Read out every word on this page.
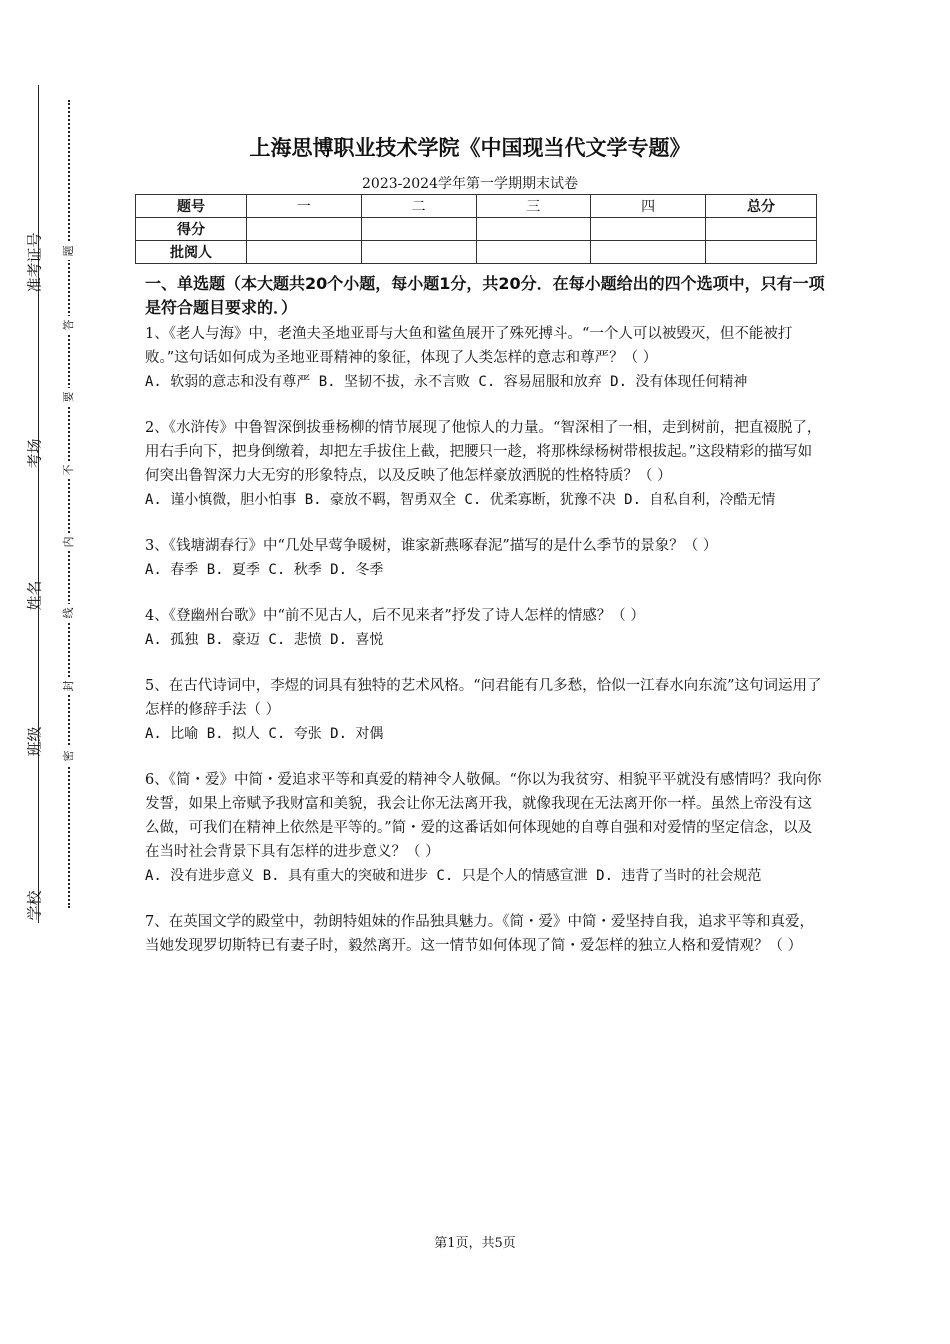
准考证号
考场
姓名
班级
学校
题
答
要
不
内
线
封
密
上海思博职业技术学院《中国现当代文学专题》
2023-2024学年第一学期期末试卷
题号	一	二	三	四	总分
得分					
批阅人					
一、单选题（本大题共20个小题，每小题1分，共20分．在每小题给出的四个选项中，只有一项是符合题目要求的．）

1、《老人与海》中，老渔夫圣地亚哥与大鱼和鲨鱼展开了殊死搏斗。“一个人可以被毁灭，但不能被打败。”这句话如何成为圣地亚哥精神的象征，体现了人类怎样的意志和尊严？（ ）

A. 软弱的意志和没有尊严 B. 坚韧不拔，永不言败 C. 容易屈服和放弃 D. 没有体现任何精神

2、《水浒传》中鲁智深倒拔垂杨柳的情节展现了他惊人的力量。“智深相了一相，走到树前，把直裰脱了，用右手向下，把身倒缴着，却把左手拔住上截，把腰只一趁，将那株绿杨树带根拔起。”这段精彩的描写如何突出鲁智深力大无穷的形象特点，以及反映了他怎样豪放洒脱的性格特质？（ ）

A. 谨小慎微，胆小怕事 B. 豪放不羁，智勇双全 C. 优柔寡断，犹豫不决 D. 自私自利，冷酷无情

3、《钱塘湖春行》中“几处早莺争暖树，谁家新燕啄春泥”描写的是什么季节的景象？（ ）

A. 春季 B. 夏季 C. 秋季 D. 冬季

4、《登幽州台歌》中“前不见古人，后不见来者”抒发了诗人怎样的情感？（ ）

A. 孤独 B. 豪迈 C. 悲愤 D. 喜悦

5、在古代诗词中，李煜的词具有独特的艺术风格。“问君能有几多愁，恰似一江春水向东流”这句词运用了怎样的修辞手法（ ）

A. 比喻 B. 拟人 C. 夸张 D. 对偶

6、《简・爱》中简・爱追求平等和真爱的精神令人敬佩。“你以为我贫穷、相貌平平就没有感情吗？我向你发誓，如果上帝赋予我财富和美貌，我会让你无法离开我，就像我现在无法离开你一样。虽然上帝没有这么做，可我们在精神上依然是平等的。”简・爱的这番话如何体现她的自尊自强和对爱情的坚定信念，以及在当时社会背景下具有怎样的进步意义？（ ）

A. 没有进步意义 B. 具有重大的突破和进步 C. 只是个人的情感宣泄 D. 违背了当时的社会规范

7、在英国文学的殿堂中，勃朗特姐妹的作品独具魅力。《简・爱》中简・爱坚持自我，追求平等和真爱，当她发现罗切斯特已有妻子时，毅然离开。这一情节如何体现了简・爱怎样的独立人格和爱情观？（ ）

第1页，共5页
